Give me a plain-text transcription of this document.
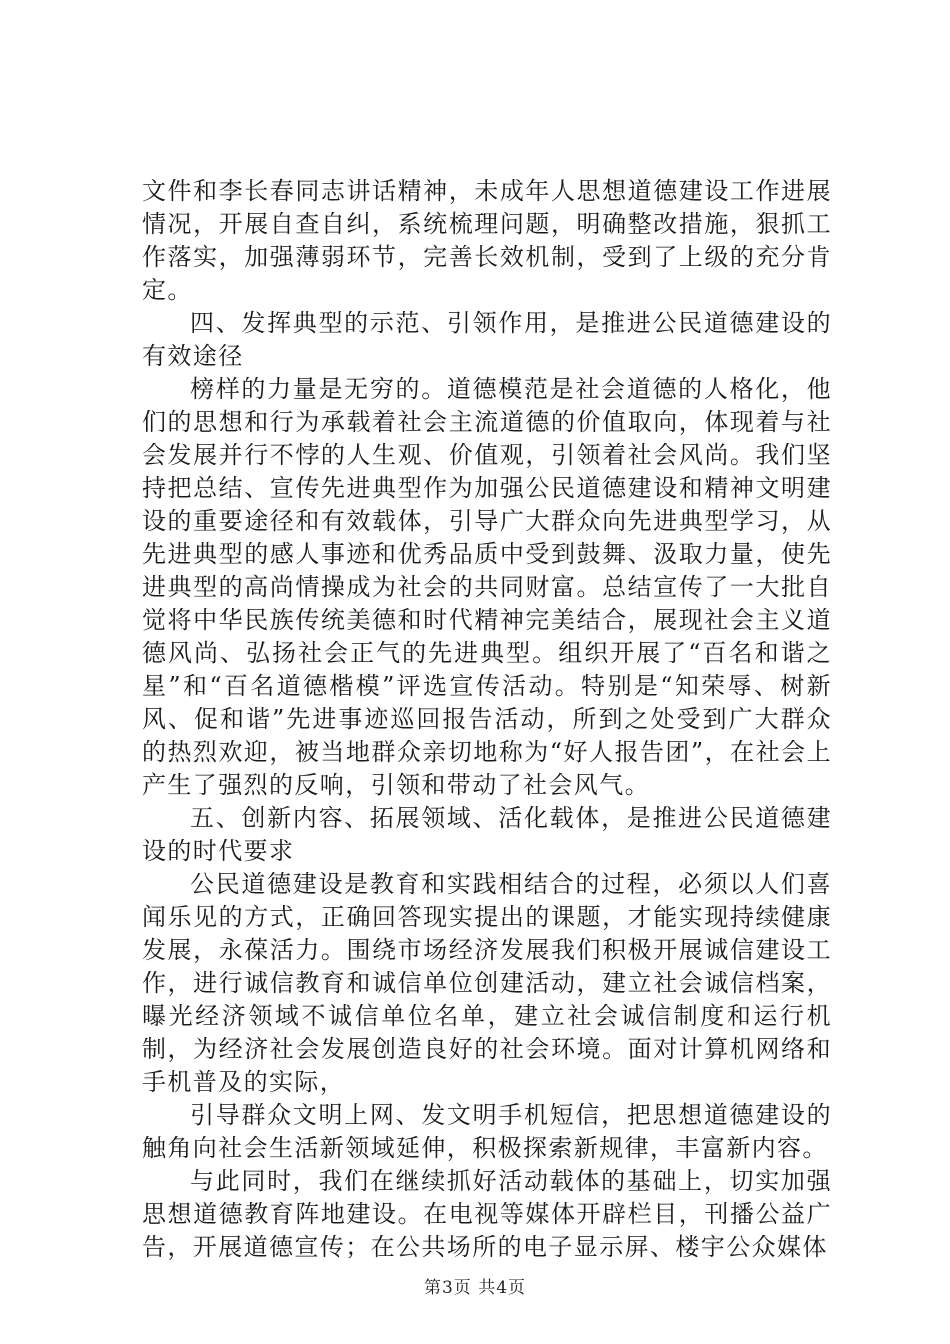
文件和李长春同志讲话精神，未成年人思想道德建设工作进展情况，开展自查自纠，系统梳理问题，明确整改措施，狠抓工作落实，加强薄弱环节，完善长效机制，受到了上级的充分肯定。

四、发挥典型的示范、引领作用，是推进公民道德建设的有效途径

榜样的力量是无穷的。道德模范是社会道德的人格化，他们的思想和行为承载着社会主流道德的价值取向，体现着与社会发展并行不悖的人生观、价值观，引领着社会风尚。我们坚持把总结、宣传先进典型作为加强公民道德建设和精神文明建设的重要途径和有效载体，引导广大群众向先进典型学习，从先进典型的感人事迹和优秀品质中受到鼓舞、汲取力量，使先进典型的高尚情操成为社会的共同财富。总结宣传了一大批自觉将中华民族传统美德和时代精神完美结合，展现社会主义道德风尚、弘扬社会正气的先进典型。组织开展了“百名和谐之星”和“百名道德楷模”评选宣传活动。特别是“知荣辱、树新风、促和谐”先进事迹巡回报告活动，所到之处受到广大群众的热烈欢迎，被当地群众亲切地称为“好人报告团”，在社会上产生了强烈的反响，引领和带动了社会风气。

五、创新内容、拓展领域、活化载体，是推进公民道德建设的时代要求

公民道德建设是教育和实践相结合的过程，必须以人们喜闻乐见的方式，正确回答现实提出的课题，才能实现持续健康发展，永葆活力。围绕市场经济发展我们积极开展诚信建设工作，进行诚信教育和诚信单位创建活动，建立社会诚信档案，曝光经济领域不诚信单位名单，建立社会诚信制度和运行机制，为经济社会发展创造良好的社会环境。面对计算机网络和手机普及的实际，

引导群众文明上网、发文明手机短信，把思想道德建设的触角向社会生活新领域延伸，积极探索新规律，丰富新内容。

与此同时，我们在继续抓好活动载体的基础上，切实加强思想道德教育阵地建设。在电视等媒体开辟栏目，刊播公益广告，开展道德宣传；在公共场所的电子显示屏、楼宇公众媒体

第3页 共4页
